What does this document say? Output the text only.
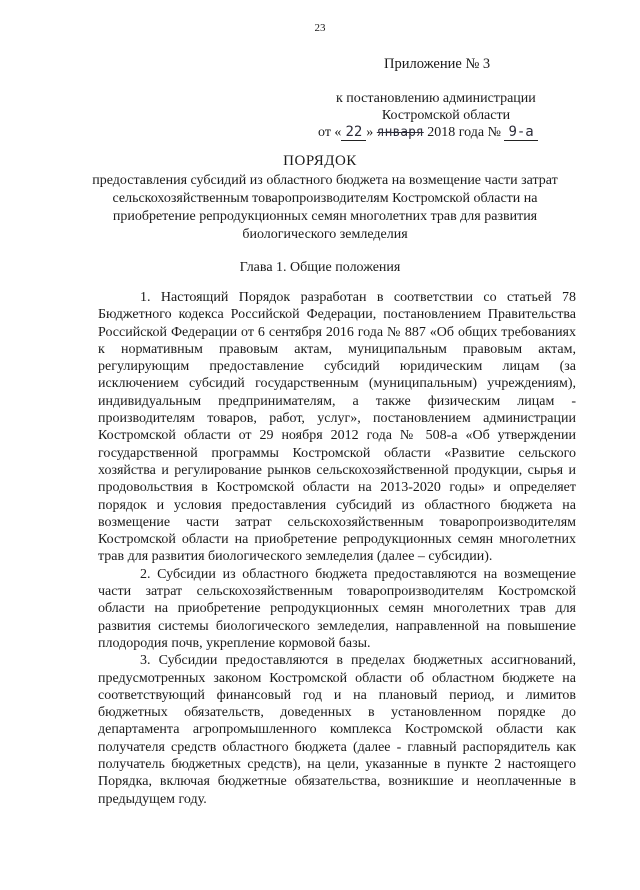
23
Приложение № 3
к постановлению администрации
Костромской области
от « 22 » января 2018 года № 9-а
ПОРЯДОК
предоставления субсидий из областного бюджета на возмещение части затрат сельскохозяйственным товаропроизводителям Костромской области на приобретение репродукционных семян многолетних трав для развития биологического земледелия
Глава 1. Общие положения

1. Настоящий Порядок разработан в соответствии со статьей 78 Бюджетного кодекса Российской Федерации, постановлением Правительства Российской Федерации от 6 сентября 2016 года № 887 «Об общих требованиях к нормативным правовым актам, муниципальным правовым актам, регулирующим предоставление субсидий юридическим лицам (за исключением субсидий государственным (муниципальным) учреждениям), индивидуальным предпринимателям, а также физическим лицам - производителям товаров, работ, услуг», постановлением администрации Костромской области от 29 ноября 2012 года № 508-а «Об утверждении государственной программы Костромской области «Развитие сельского хозяйства и регулирование рынков сельскохозяйственной продукции, сырья и продовольствия в Костромской области на 2013-2020 годы» и определяет порядок и условия предоставления субсидий из областного бюджета на возмещение части затрат сельскохозяйственным товаропроизводителям Костромской области на приобретение репродукционных семян многолетних трав для развития биологического земледелия (далее – субсидии).

2. Субсидии из областного бюджета предоставляются на возмещение части затрат сельскохозяйственным товаропроизводителям Костромской области на приобретение репродукционных семян многолетних трав для развития системы биологического земледелия, направленной на повышение плодородия почв, укрепление кормовой базы.

3. Субсидии предоставляются в пределах бюджетных ассигнований, предусмотренных законом Костромской области об областном бюджете на соответствующий финансовый год и на плановый период, и лимитов бюджетных обязательств, доведенных в установленном порядке до департамента агропромышленного комплекса Костромской области как получателя средств областного бюджета (далее - главный распорядитель как получатель бюджетных средств), на цели, указанные в пункте 2 настоящего Порядка, включая бюджетные обязательства, возникшие и неоплаченные в предыдущем году.
